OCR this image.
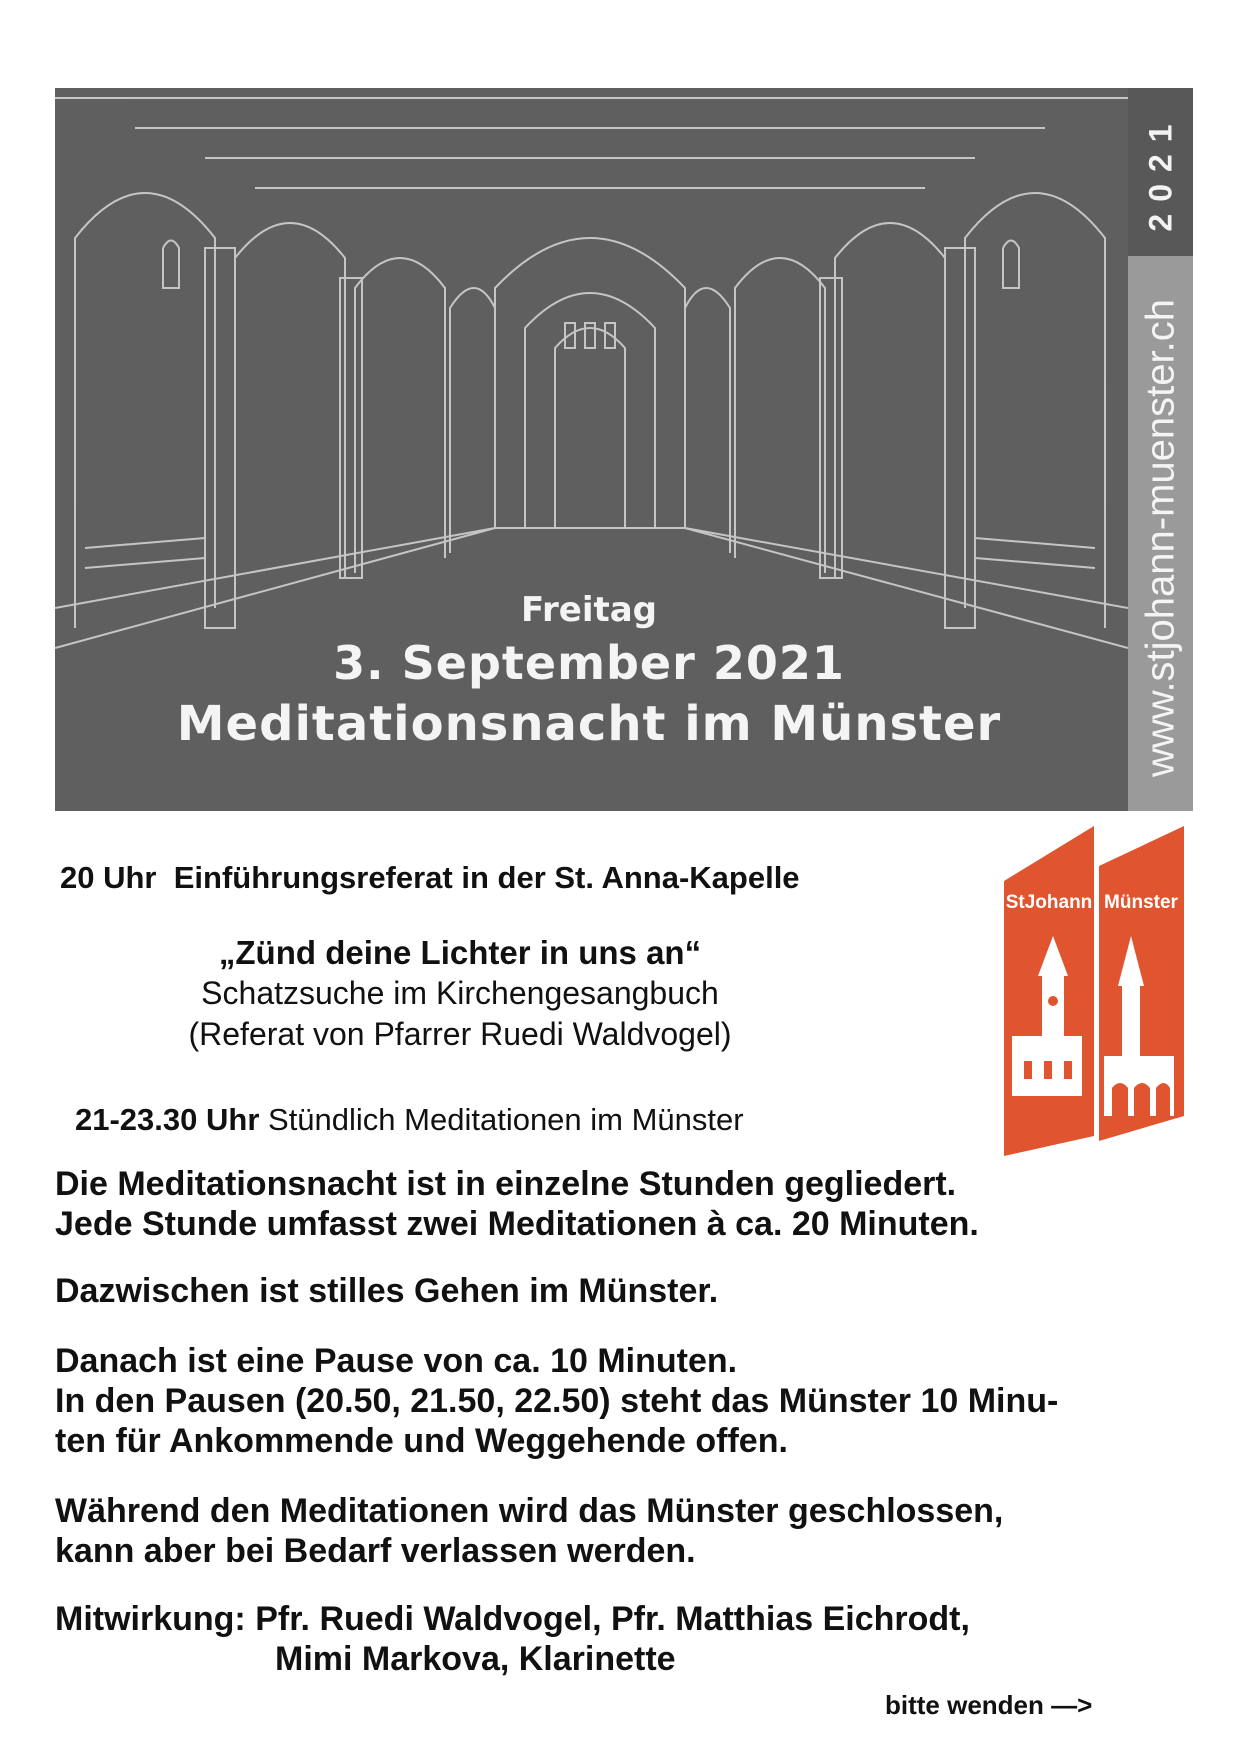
Freitag
3. September 2021
Meditationsnacht im Münster
2021
www.stjohann-muenster.ch
20 Uhr Einführungsreferat in der St. Anna-Kapelle
„Zünd deine Lichter in uns an“
Schatzsuche im Kirchengesangbuch
(Referat von Pfarrer Ruedi Waldvogel)
21-23.30 Uhr Stündlich Meditationen im Münster
StJohann Münster
Die Meditationsnacht ist in einzelne Stunden gegliedert.
Jede Stunde umfasst zwei Meditationen à ca. 20 Minuten.
Dazwischen ist stilles Gehen im Münster.
Danach ist eine Pause von ca. 10 Minuten.
In den Pausen (20.50, 21.50, 22.50) steht das Münster 10 Minu-
ten für Ankommende und Weggehende offen.
Während den Meditationen wird das Münster geschlossen,
kann aber bei Bedarf verlassen werden.
Mitwirkung: Pfr. Ruedi Waldvogel, Pfr. Matthias Eichrodt,
Mimi Markova, Klarinette
bitte wenden —>
